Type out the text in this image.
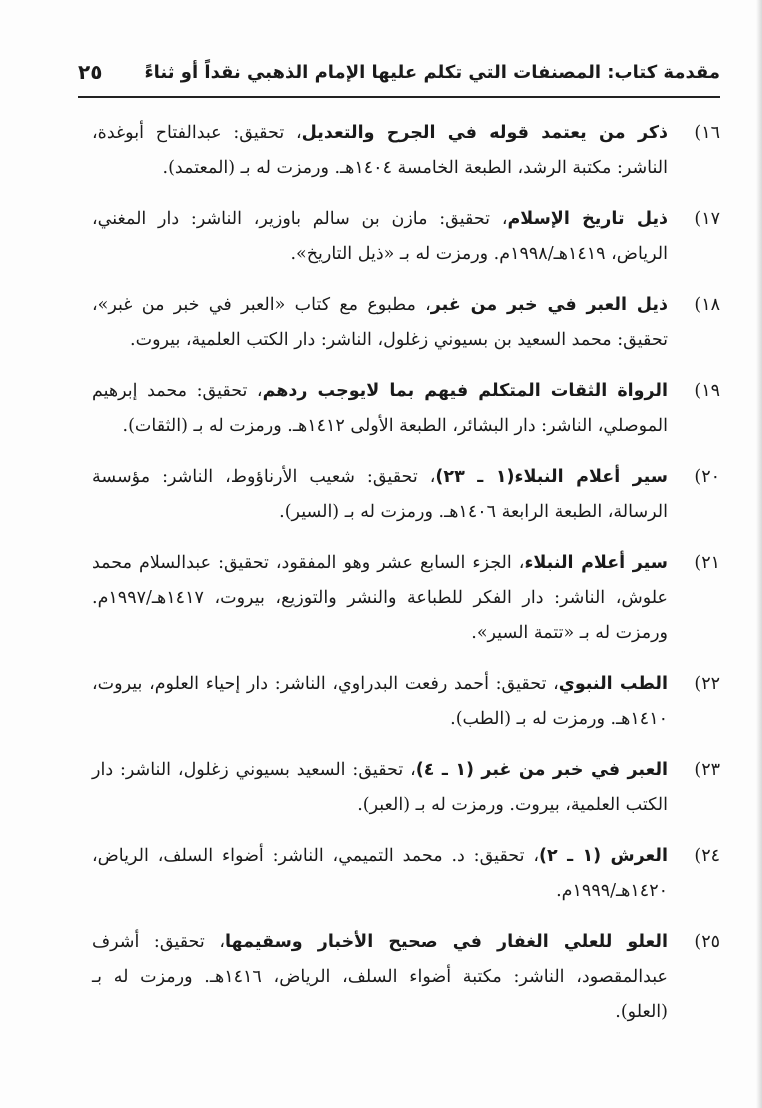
مقدمة كتاب: المصنفات التي تكلم عليها الإمام الذهبي نقداً أو ثناءً
٢٥
١٦)
ذكر من يعتمد قوله في الجرح والتعديل، تحقيق: عبدالفتاح أبوغدة، الناشر: مكتبة الرشد، الطبعة الخامسة ١٤٠٤هـ. ورمزت له بـ (المعتمد).
١٧)
ذيل تاريخ الإسلام، تحقيق: مازن بن سالم باوزير، الناشر: دار المغني، الرياض، ١٤١٩هـ/١٩٩٨م. ورمزت له بـ «ذيل التاريخ».
١٨)
ذيل العبر في خبر من غبر، مطبوع مع كتاب «العبر في خبر من غبر»، تحقيق: محمد السعيد بن بسيوني زغلول، الناشر: دار الكتب العلمية، بيروت.
١٩)
الرواة الثقات المتكلم فيهم بما لايوجب ردهم، تحقيق: محمد إبرهيم الموصلي، الناشر: دار البشائر، الطبعة الأولى ١٤١٢هـ. ورمزت له بـ (الثقات).
٢٠)
سير أعلام النبلاء(١ ـ ٢٣)، تحقيق: شعيب الأرناؤوط، الناشر: مؤسسة الرسالة، الطبعة الرابعة ١٤٠٦هـ. ورمزت له بـ (السير).
٢١)
سير أعلام النبلاء، الجزء السابع عشر وهو المفقود، تحقيق: عبدالسلام محمد علوش، الناشر: دار الفكر للطباعة والنشر والتوزيع، بيروت، ١٤١٧هـ/١٩٩٧م. ورمزت له بـ «تتمة السير».
٢٢)
الطب النبوي، تحقيق: أحمد رفعت البدراوي، الناشر: دار إحياء العلوم، بيروت، ١٤١٠هـ. ورمزت له بـ (الطب).
٢٣)
العبر في خبر من غبر (١ ـ ٤)، تحقيق: السعيد بسيوني زغلول، الناشر: دار الكتب العلمية، بيروت. ورمزت له بـ (العبر).
٢٤)
العرش (١ ـ ٢)، تحقيق: د. محمد التميمي، الناشر: أضواء السلف، الرياض، ١٤٢٠هـ/١٩٩٩م.
٢٥)
العلو للعلي الغفار في صحيح الأخبار وسقيمها، تحقيق: أشرف عبدالمقصود، الناشر: مكتبة أضواء السلف، الرياض، ١٤١٦هـ. ورمزت له بـ (العلو).
